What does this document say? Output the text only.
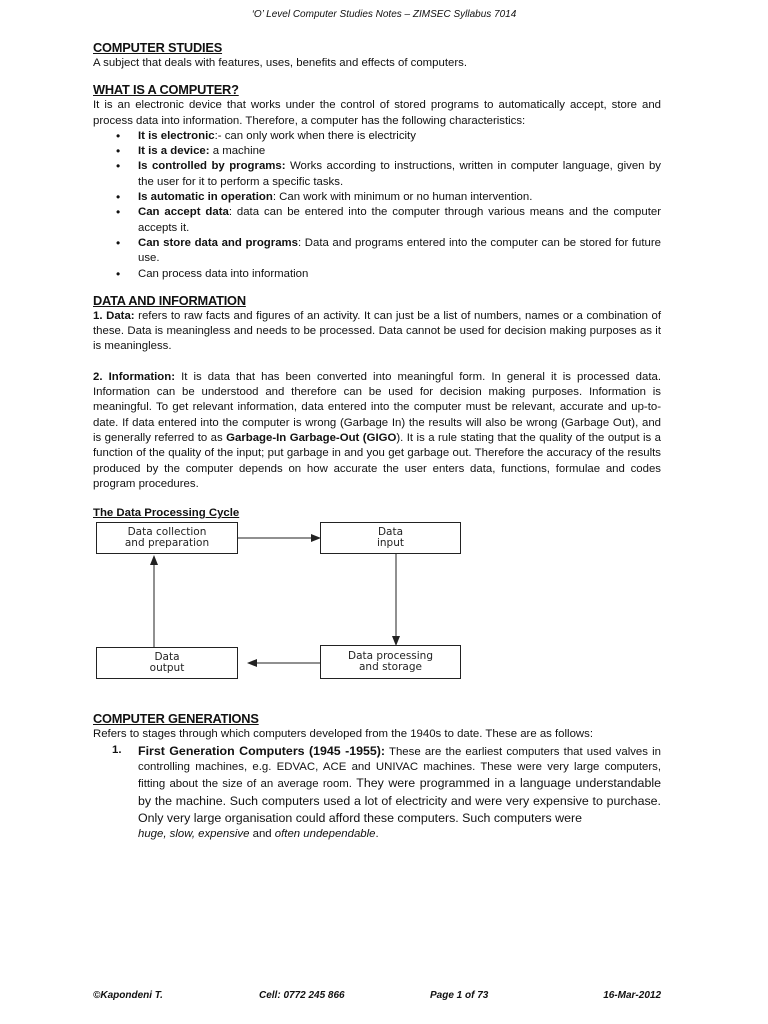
‘O’ Level Computer Studies Notes – ZIMSEC Syllabus 7014
COMPUTER STUDIES

A subject that deals with features, uses, benefits and effects of computers.

WHAT IS A COMPUTER?

It is an electronic device that works under the control of stored programs to automatically accept, store and process data into information. Therefore, a computer has the following characteristics:

• It is electronic:- can only work when there is electricity
• It is a device: a machine
• Is controlled by programs: Works according to instructions, written in computer language, given by the user for it to perform a specific tasks.
• Is automatic in operation: Can work with minimum or no human intervention.
• Can accept data: data can be entered into the computer through various means and the computer accepts it.
• Can store data and programs: Data and programs entered into the computer can be stored for future use.
• Can process data into information
DATA AND INFORMATION

1. Data: refers to raw facts and figures of an activity. It can just be a list of numbers, names or a combination of these. Data is meaningless and needs to be processed. Data cannot be used for decision making purposes as it is meaningless.

2. Information: It is data that has been converted into meaningful form. In general it is processed data. Information can be understood and therefore can be used for decision making purposes. Information is meaningful. To get relevant information, data entered into the computer must be relevant, accurate and up-to-date. If data entered into the computer is wrong (Garbage In) the results will also be wrong (Garbage Out), and is generally referred to as Garbage-In Garbage-Out (GIGO). It is a rule stating that the quality of the output is a function of the quality of the input; put garbage in and you get garbage out. Therefore the accuracy of the results produced by the computer depends on how accurate the user enters data, functions, formulae and codes program procedures.

The Data Processing Cycle
Data collection
and preparation
Data
input
Data processing
and storage
Data
output
COMPUTER GENERATIONS

Refers to stages through which computers developed from the 1940s to date. These are as follows:

1. First Generation Computers (1945 -1955): These are the earliest computers that used valves in controlling machines, e.g. EDVAC, ACE and UNIVAC machines. These were very large computers, fitting about the size of an average room. They were programmed in a language understandable by the machine. Such computers used a lot of electricity and were very expensive to purchase. Only very large organisation could afford these computers. Such computers were
huge, slow, expensive and often undependable.
©Kapondeni T.	Cell: 0772 245 866	Page 1 of 73	16-Mar-2012
